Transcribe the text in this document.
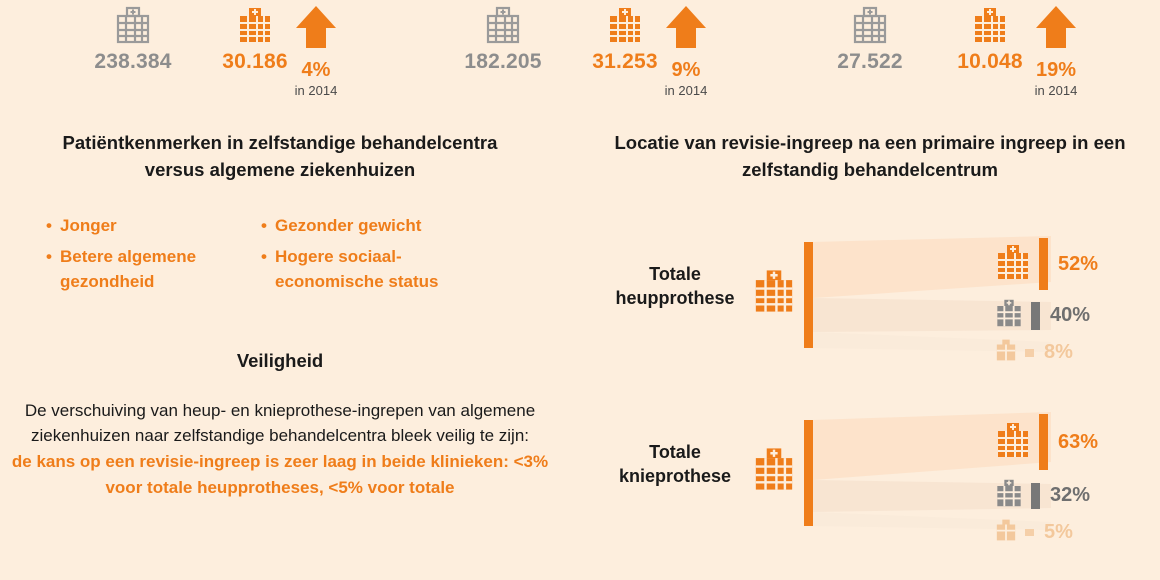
238.384	30.186 4%
in 2014
182.205	31.253 9%
in 2014
27.522	10.048 19%
in 2014
Patiëntkenmerken in zelfstandige behandelcentra versus algemene ziekenhuizen
• Jonger
• Betere algemene gezondheid
• Gezonder gewicht
• Hogere sociaal-economische status
Veiligheid
De verschuiving van heup- en knieprothese-ingrepen van algemene ziekenhuizen naar zelfstandige behandelcentra bleek veilig te zijn:
de kans op een revisie-ingreep is zeer laag in beide klinieken: <3% voor totale heupprotheses, <5% voor totale
Locatie van revisie-ingreep na een primaire ingreep in een zelfstandig behandelcentrum
Totale heupprothese
52%
40%
8%
Totale knieprothese
63%
32%
5%
